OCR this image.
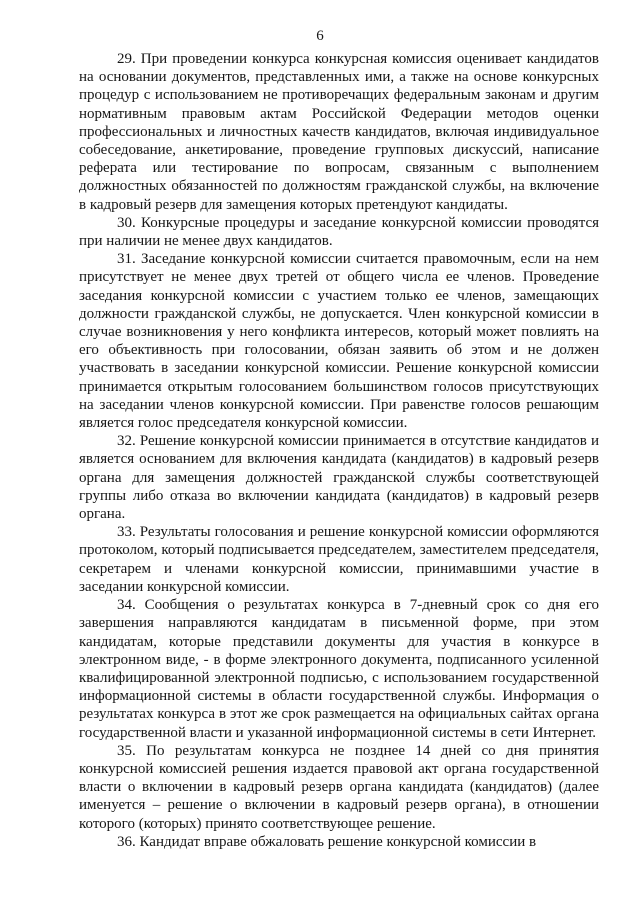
6

29. При проведении конкурса конкурсная комиссия оценивает кандидатов на основании документов, представленных ими, а также на основе конкурсных процедур с использованием не противоречащих федеральным законам и другим нормативным правовым актам Российской Федерации методов оценки профессиональных и личностных качеств кандидатов, включая индивидуальное собеседование, анкетирование, проведение групповых дискуссий, написание реферата или тестирование по вопросам, связанным с выполнением должностных обязанностей по должностям гражданской службы, на включение в кадровый резерв для замещения которых претендуют кандидаты.

30. Конкурсные процедуры и заседание конкурсной комиссии проводятся при наличии не менее двух кандидатов.

31. Заседание конкурсной комиссии считается правомочным, если на нем присутствует не менее двух третей от общего числа ее членов. Проведение заседания конкурсной комиссии с участием только ее членов, замещающих должности гражданской службы, не допускается. Член конкурсной комиссии в случае возникновения у него конфликта интересов, который может повлиять на его объективность при голосовании, обязан заявить об этом и не должен участвовать в заседании конкурсной комиссии. Решение конкурсной комиссии принимается открытым голосованием большинством голосов присутствующих на заседании членов конкурсной комиссии. При равенстве голосов решающим является голос председателя конкурсной комиссии.

32. Решение конкурсной комиссии принимается в отсутствие кандидатов и является основанием для включения кандидата (кандидатов) в кадровый резерв органа для замещения должностей гражданской службы соответствующей группы либо отказа во включении кандидата (кандидатов) в кадровый резерв органа.

33. Результаты голосования и решение конкурсной комиссии оформляются протоколом, который подписывается председателем, заместителем председателя, секретарем и членами конкурсной комиссии, принимавшими участие в заседании конкурсной комиссии.

34. Сообщения о результатах конкурса в 7-дневный срок со дня его завершения направляются кандидатам в письменной форме, при этом кандидатам, которые представили документы для участия в конкурсе в электронном виде, - в форме электронного документа, подписанного усиленной квалифицированной электронной подписью, с использованием государственной информационной системы в области государственной службы. Информация о результатах конкурса в этот же срок размещается на официальных сайтах органа государственной власти и указанной информационной системы в сети Интернет.

35. По результатам конкурса не позднее 14 дней со дня принятия конкурсной комиссией решения издается правовой акт органа государственной власти о включении в кадровый резерв органа кандидата (кандидатов) (далее именуется – решение о включении в кадровый резерв органа), в отношении которого (которых) принято соответствующее решение.

36. Кандидат вправе обжаловать решение конкурсной комиссии в
